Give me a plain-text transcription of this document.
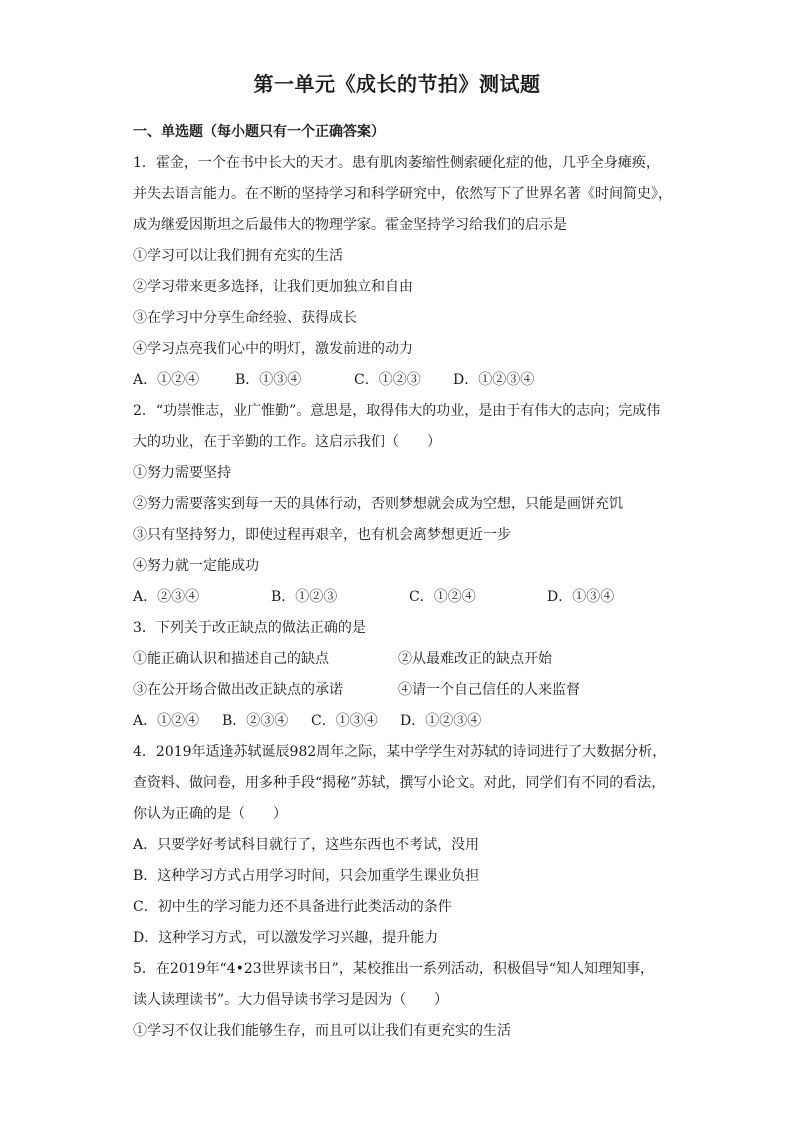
第一单元《成长的节拍》测试题
一、单选题（每小题只有一个正确答案）
1．霍金，一个在书中长大的天才。患有肌肉萎缩性侧索硬化症的他，几乎全身瘫痪，
并失去语言能力。在不断的坚持学习和科学研究中，依然写下了世界名著《时间简史》，
成为继爱因斯坦之后最伟大的物理学家。霍金坚持学习给我们的启示是
①学习可以让我们拥有充实的生活
②学习带来更多选择，让我们更加独立和自由
③在学习中分享生命经验、获得成长
④学习点亮我们心中的明灯，激发前进的动力
A．①②④	B．①③④	C．①②③	D．①②③④
2．“功崇惟志，业广惟勤”。意思是，取得伟大的功业，是由于有伟大的志向；完成伟
大的功业，在于辛勤的工作。这启示我们（　　）
①努力需要坚持
②努力需要落实到每一天的具体行动，否则梦想就会成为空想，只能是画饼充饥
③只有坚持努力，即使过程再艰辛，也有机会离梦想更近一步
④努力就一定能成功
A．②③④	B．①②③	C．①②④	D．①③④
3．下列关于改正缺点的做法正确的是
①能正确认识和描述自己的缺点	②从最难改正的缺点开始
③在公开场合做出改正缺点的承诺	④请一个自己信任的人来监督
A．①②④	B．②③④	C．①③④	D．①②③④
4．2019年适逢苏轼诞辰982周年之际，某中学学生对苏轼的诗词进行了大数据分析，
查资料、做问卷，用多种手段“揭秘”苏轼，撰写小论文。对此，同学们有不同的看法，
你认为正确的是（　　）
A．只要学好考试科目就行了，这些东西也不考试，没用
B．这种学习方式占用学习时间，只会加重学生课业负担
C．初中生的学习能力还不具备进行此类活动的条件
D．这种学习方式，可以激发学习兴趣，提升能力
5．在2019年“4•23世界读书日”，某校推出一系列活动，积极倡导“知人知理知事，
读人读理读书”。大力倡导读书学习是因为（　　）
①学习不仅让我们能够生存，而且可以让我们有更充实的生活
